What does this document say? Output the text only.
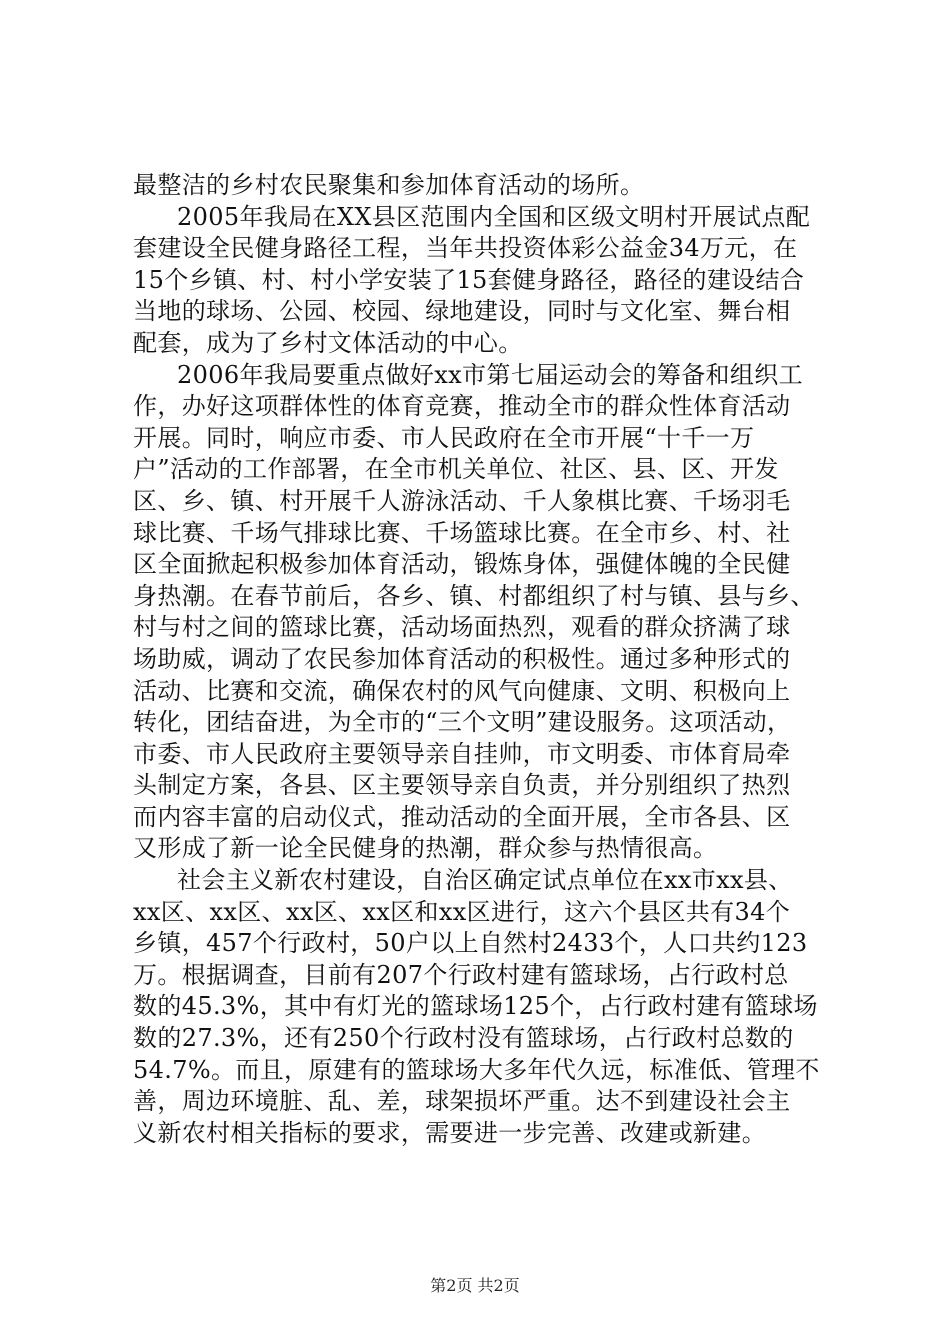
最整洁的乡村农民聚集和参加体育活动的场所。
2005年我局在XX县区范围内全国和区级文明村开展试点配
套建设全民健身路径工程，当年共投资体彩公益金34万元，在
15个乡镇、村、村小学安装了15套健身路径，路径的建设结合
当地的球场、公园、校园、绿地建设，同时与文化室、舞台相
配套，成为了乡村文体活动的中心。
2006年我局要重点做好xx市第七届运动会的筹备和组织工
作，办好这项群体性的体育竞赛，推动全市的群众性体育活动
开展。同时，响应市委、市人民政府在全市开展“十千一万
户”活动的工作部署，在全市机关单位、社区、县、区、开发
区、乡、镇、村开展千人游泳活动、千人象棋比赛、千场羽毛
球比赛、千场气排球比赛、千场篮球比赛。在全市乡、村、社
区全面掀起积极参加体育活动，锻炼身体，强健体魄的全民健
身热潮。在春节前后，各乡、镇、村都组织了村与镇、县与乡、
村与村之间的篮球比赛，活动场面热烈，观看的群众挤满了球
场助威，调动了农民参加体育活动的积极性。通过多种形式的
活动、比赛和交流，确保农村的风气向健康、文明、积极向上
转化，团结奋进，为全市的“三个文明”建设服务。这项活动，
市委、市人民政府主要领导亲自挂帅，市文明委、市体育局牵
头制定方案，各县、区主要领导亲自负责，并分别组织了热烈
而内容丰富的启动仪式，推动活动的全面开展，全市各县、区
又形成了新一论全民健身的热潮，群众参与热情很高。
社会主义新农村建设，自治区确定试点单位在xx市xx县、
xx区、xx区、xx区、xx区和xx区进行，这六个县区共有34个
乡镇，457个行政村，50户以上自然村2433个，人口共约123
万。根据调查，目前有207个行政村建有篮球场，占行政村总
数的45.3%，其中有灯光的篮球场125个，占行政村建有篮球场
数的27.3%，还有250个行政村没有篮球场，占行政村总数的
54.7%。而且，原建有的篮球场大多年代久远，标准低、管理不
善，周边环境脏、乱、差，球架损坏严重。达不到建设社会主
义新农村相关指标的要求，需要进一步完善、改建或新建。
第2页 共2页
